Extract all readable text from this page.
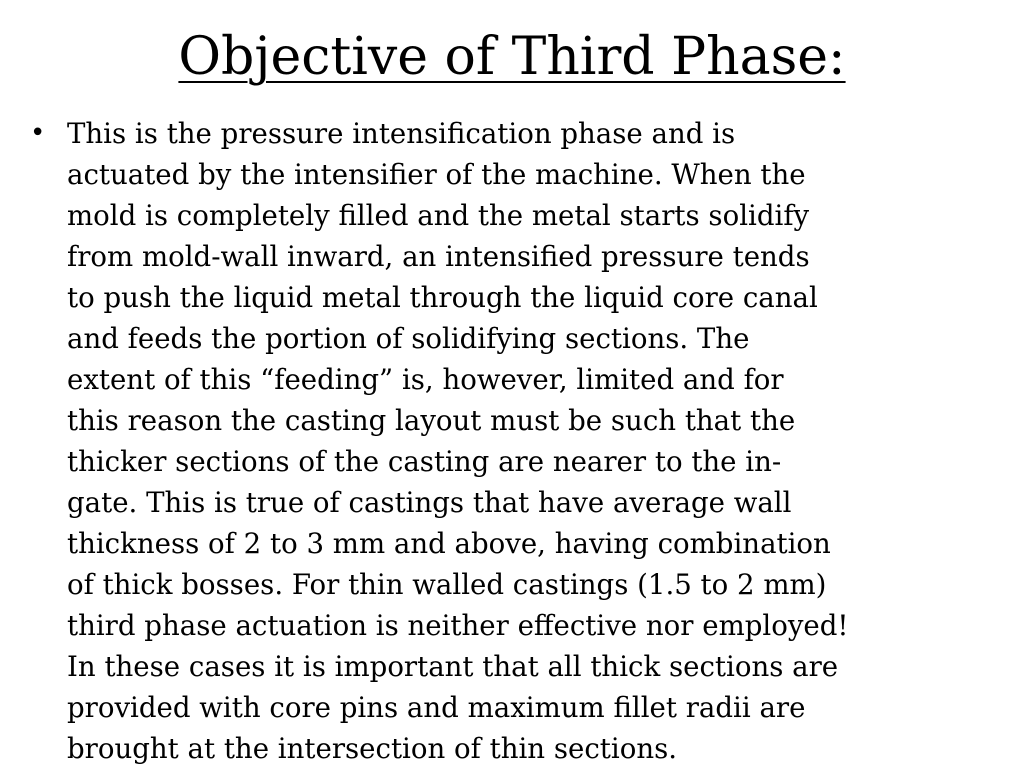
Objective of Third Phase:
• This is the pressure intensification phase and is
actuated by the intensifier of the machine. When the
mold is completely filled and the metal starts solidify
from mold-wall inward, an intensified pressure tends
to push the liquid metal through the liquid core canal
and feeds the portion of solidifying sections. The
extent of this “feeding” is, however, limited and for
this reason the casting layout must be such that the
thicker sections of the casting are nearer to the in-
gate. This is true of castings that have average wall
thickness of 2 to 3 mm and above, having combination
of thick bosses. For thin walled castings (1.5 to 2 mm)
third phase actuation is neither effective nor employed!
In these cases it is important that all thick sections are
provided with core pins and maximum fillet radii are
brought at the intersection of thin sections.
